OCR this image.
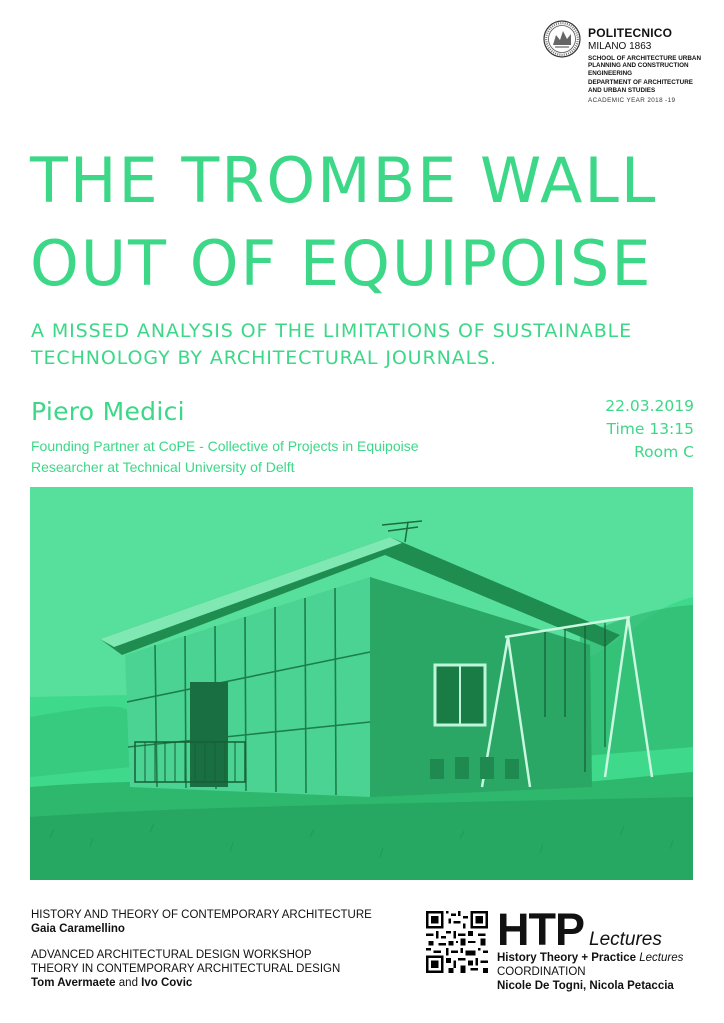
POLITECNICO
MILANO 1863
SCHOOL OF ARCHITECTURE URBAN PLANNING AND CONSTRUCTION ENGINEERING
DEPARTMENT OF ARCHITECTURE AND URBAN STUDIES
ACADEMIC YEAR 2018 -19
THE TROMBE WALL
OUT OF EQUIPOISE
A MISSED ANALYSIS OF THE LIMITATIONS OF SUSTAINABLE
TECHNOLOGY BY ARCHITECTURAL JOURNALS.
Piero Medici
Founding Partner at CoPE - Collective of Projects in Equipoise
Researcher at Technical University of Delft
22.03.2019
Time 13:15
Room C
HISTORY AND THEORY OF CONTEMPORARY ARCHITECTURE
Gaia Caramellino
ADVANCED ARCHITECTURAL DESIGN WORKSHOP
THEORY IN CONTEMPORARY ARCHITECTURAL DESIGN
Tom Avermaete and Ivo Covic
HTP Lectures
History Theory + Practice Lectures
COORDINATION
Nicole De Togni, Nicola Petaccia
